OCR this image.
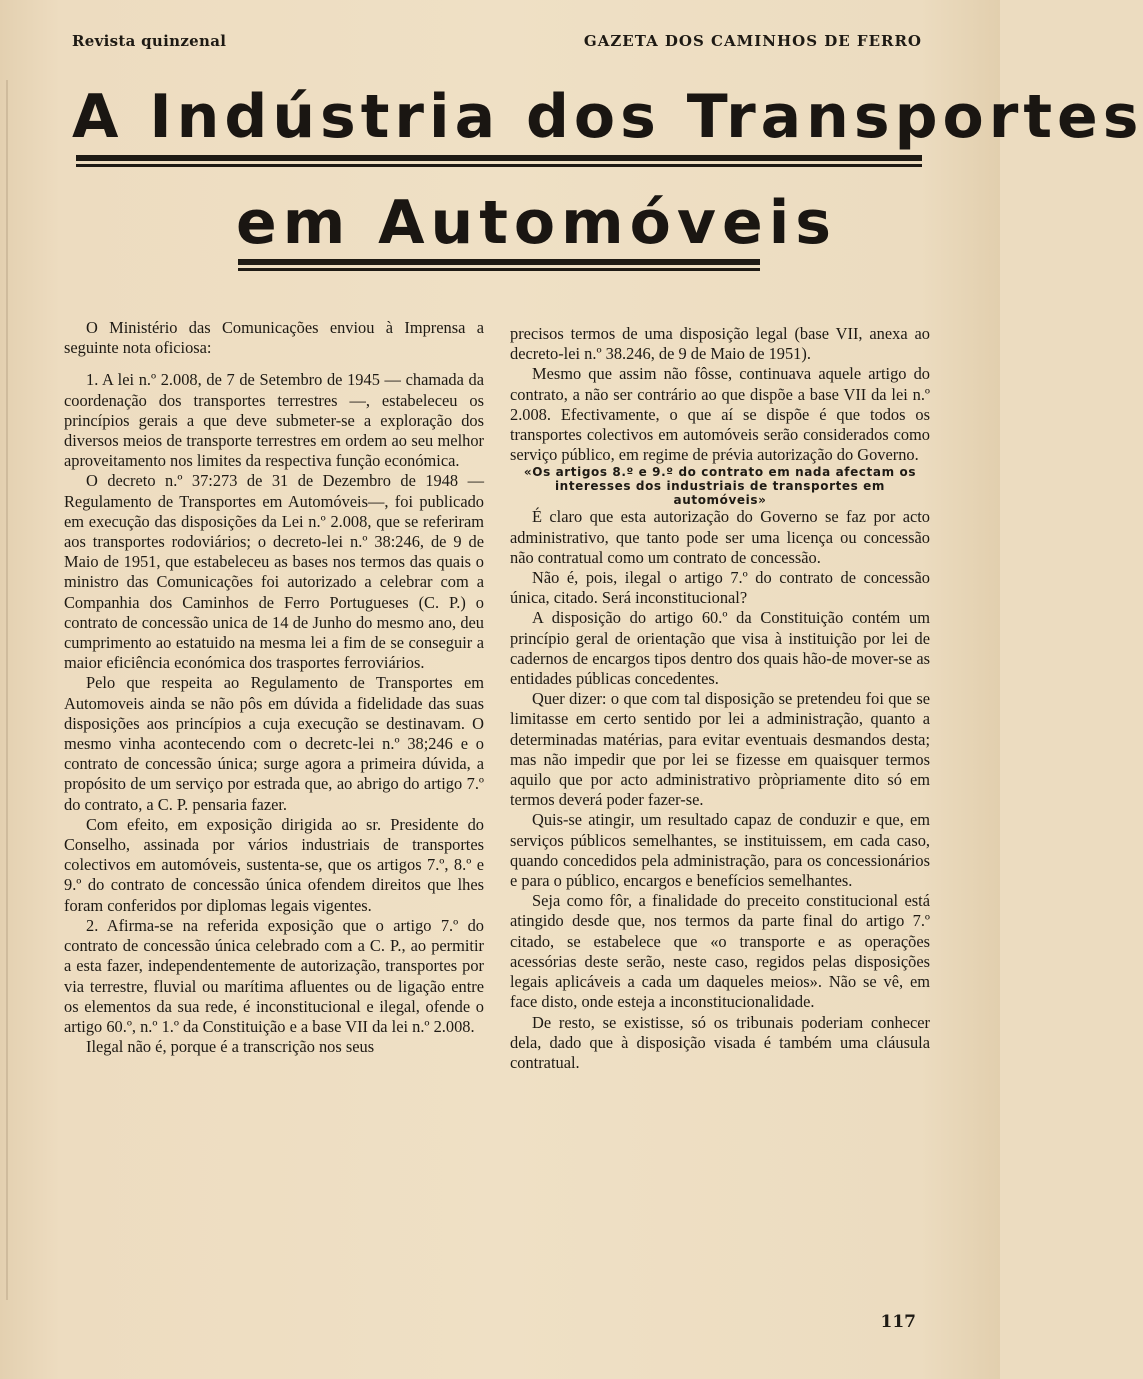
Revista quinzenal	GAZETA DOS CAMINHOS DE FERRO
A Indústria dos Transportes
em Automóveis

O Ministério das Comunicações enviou à Imprensa a seguinte nota oficiosa:

1. A lei n.º 2.008, de 7 de Setembro de 1945 — chamada da coordenação dos transportes terrestres —, estabeleceu os princípios gerais a que deve submeter-se a exploração dos diversos meios de transporte terrestres em ordem ao seu melhor aproveitamento nos limites da respectiva função económica.

O decreto n.º 37:273 de 31 de Dezembro de 1948 — Regulamento de Transportes em Automóveis—, foi publicado em execução das disposições da Lei n.º 2.008, que se referiram aos transportes rodoviários; o decreto-lei n.º 38:246, de 9 de Maio de 1951, que estabeleceu as bases nos termos das quais o ministro das Comunicações foi autorizado a celebrar com a Companhia dos Caminhos de Ferro Portugueses (C. P.) o contrato de concessão unica de 14 de Junho do mesmo ano, deu cumprimento ao estatuido na mesma lei a fim de se conseguir a maior eficiência económica dos trasportes ferroviários.

Pelo que respeita ao Regulamento de Transportes em Automoveis ainda se não pôs em dúvida a fidelidade das suas disposições aos princípios a cuja execução se destinavam. O mesmo vinha acontecendo com o decretc-lei n.º 38;246 e o contrato de concessão única; surge agora a primeira dúvida, a propósito de um serviço por estrada que, ao abrigo do artigo 7.º do contrato, a C. P. pensaria fazer.

Com efeito, em exposição dirigida ao sr. Presidente do Conselho, assinada por vários industriais de transportes colectivos em automóveis, sustenta-se, que os artigos 7.º, 8.º e 9.º do contrato de concessão única ofendem direitos que lhes foram conferidos por diplomas legais vigentes.

2. Afirma-se na referida exposição que o artigo 7.º do contrato de concessão única celebrado com a C. P., ao permitir a esta fazer, independentemente de autorização, transportes por via terrestre, fluvial ou marítima afluentes ou de ligação entre os elementos da sua rede, é inconstitucional e ilegal, ofende o artigo 60.º, n.º 1.º da Constituição e a base VII da lei n.º 2.008.

Ilegal não é, porque é a transcrição nos seus

precisos termos de uma disposição legal (base VII, anexa ao decreto-lei n.º 38.246, de 9 de Maio de 1951).

Mesmo que assim não fôsse, continuava aquele artigo do contrato, a não ser contrário ao que dispõe a base VII da lei n.º 2.008. Efectivamente, o que aí se dispõe é que todos os transportes colectivos em automóveis serão considerados como serviço público, em regime de prévia autorização do Governo.

«Os artigos 8.º e 9.º do contrato em nada afectam os interesses dos industriais de transportes em automóveis»

É claro que esta autorização do Governo se faz por acto administrativo, que tanto pode ser uma licença ou concessão não contratual como um contrato de concessão.

Não é, pois, ilegal o artigo 7.º do contrato de concessão única, citado. Será inconstitucional?

A disposição do artigo 60.º da Constituição contém um princípio geral de orientação que visa à instituição por lei de cadernos de encargos tipos dentro dos quais hão-de mover-se as entidades públicas concedentes.

Quer dizer: o que com tal disposição se pretendeu foi que se limitasse em certo sentido por lei a administração, quanto a determinadas matérias, para evitar eventuais desmandos desta; mas não impedir que por lei se fizesse em quaisquer termos aquilo que por acto administrativo pròpriamente dito só em termos deverá poder fazer-se.

Quis-se atingir, um resultado capaz de conduzir e que, em serviços públicos semelhantes, se instituissem, em cada caso, quando concedidos pela administração, para os concessionários e para o público, encargos e benefícios semelhantes.

Seja como fôr, a finalidade do preceito constitucional está atingido desde que, nos termos da parte final do artigo 7.º citado, se estabelece que «o transporte e as operações acessórias deste serão, neste caso, regidos pelas disposições legais aplicáveis a cada um daqueles meios». Não se vê, em face disto, onde esteja a inconstitucionalidade.

De resto, se existisse, só os tribunais poderiam conhecer dela, dado que à disposição visada é também uma cláusula contratual.

117
